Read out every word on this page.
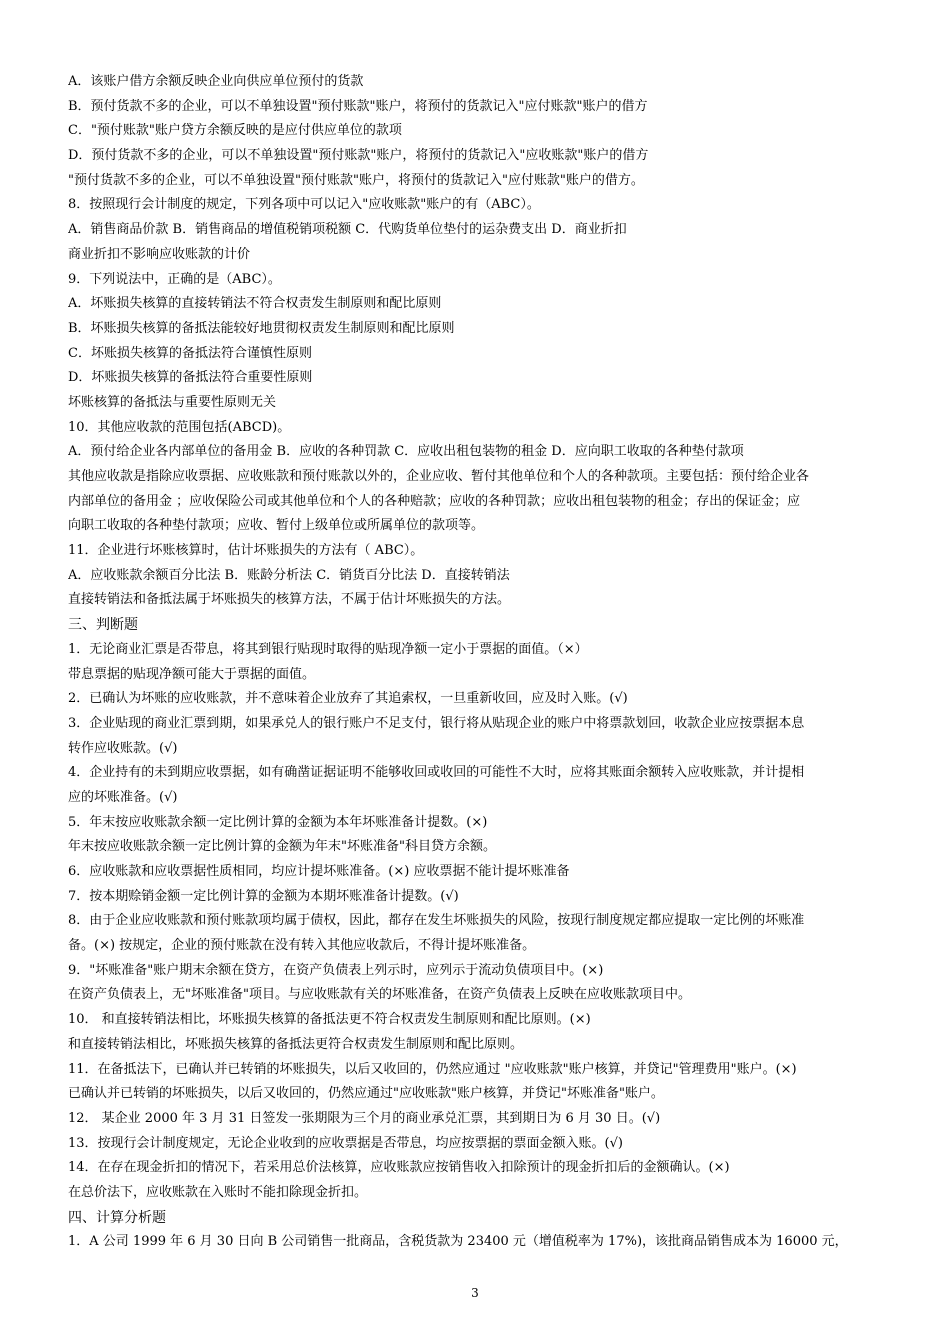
A．该账户借方余额反映企业向供应单位预付的货款
B．预付货款不多的企业，可以不单独设置"预付账款"账户，将预付的货款记入"应付账款"账户的借方
C．"预付账款"账户贷方余额反映的是应付供应单位的款项
D．预付货款不多的企业，可以不单独设置"预付账款"账户，将预付的货款记入"应收账款"账户的借方
"预付货款不多的企业，可以不单独设置"预付账款"账户，将预付的货款记入"应付账款"账户的借方。
8．按照现行会计制度的规定，下列各项中可以记入"应收账款"账户的有（ABC）。
A．销售商品价款 B．销售商品的增值税销项税额 C．代购货单位垫付的运杂费支出 D．商业折扣
商业折扣不影响应收账款的计价
9．下列说法中，正确的是（ABC）。
A．坏账损失核算的直接转销法不符合权责发生制原则和配比原则
B．坏账损失核算的备抵法能较好地贯彻权责发生制原则和配比原则
C．坏账损失核算的备抵法符合谨慎性原则
D．坏账损失核算的备抵法符合重要性原则
坏账核算的备抵法与重要性原则无关
10．其他应收款的范围包括(ABCD)。
A．预付给企业各内部单位的备用金 B．应收的各种罚款 C．应收出租包装物的租金 D．应向职工收取的各种垫付款项
其他应收款是指除应收票据、应收账款和预付账款以外的，企业应收、暂付其他单位和个人的各种款项。主要包括：预付给企业各
内部单位的备用金 ；应收保险公司或其他单位和个人的各种赔款；应收的各种罚款；应收出租包装物的租金；存出的保证金；应
向职工收取的各种垫付款项；应收、暂付上级单位或所属单位的款项等。
11．企业进行坏账核算时，估计坏账损失的方法有（ ABC）。
A．应收账款余额百分比法 B．账龄分析法 C．销货百分比法 D．直接转销法
直接转销法和备抵法属于坏账损失的核算方法，不属于估计坏账损失的方法。
三、判断题
1．无论商业汇票是否带息，将其到银行贴现时取得的贴现净额一定小于票据的面值。（×）
带息票据的贴现净额可能大于票据的面值。
2．已确认为坏账的应收账款，并不意味着企业放弃了其追索权，一旦重新收回，应及时入账。(√)
3．企业贴现的商业汇票到期，如果承兑人的银行账户不足支付，银行将从贴现企业的账户中将票款划回，收款企业应按票据本息
转作应收账款。(√)
4．企业持有的未到期应收票据，如有确凿证据证明不能够收回或收回的可能性不大时，应将其账面余额转入应收账款，并计提相
应的坏账准备。(√)
5．年末按应收账款余额一定比例计算的金额为本年坏账准备计提数。(×)
年末按应收账款余额一定比例计算的金额为年末"坏账准备"科目贷方余额。
6．应收账款和应收票据性质相同，均应计提坏账准备。(×) 应收票据不能计提坏账准备
7．按本期赊销金额一定比例计算的金额为本期坏账准备计提数。(√)
8．由于企业应收账款和预付账款项均属于债权，因此，都存在发生坏账损失的风险，按现行制度规定都应提取一定比例的坏账准
备。(×) 按规定，企业的预付账款在没有转入其他应收款后，不得计提坏账准备。
9．"坏账准备"账户期末余额在贷方，在资产负债表上列示时，应列示于流动负债项目中。(×)
在资产负债表上，无"坏账准备"项目。与应收账款有关的坏账准备，在资产负债表上反映在应收账款项目中。
10． 和直接转销法相比，坏账损失核算的备抵法更不符合权责发生制原则和配比原则。(×)
和直接转销法相比，坏账损失核算的备抵法更符合权责发生制原则和配比原则。
11．在备抵法下，已确认并已转销的坏账损失，以后又收回的，仍然应通过 "应收账款"账户核算，并贷记"管理费用"账户。(×)
已确认并已转销的坏账损失，以后又收回的，仍然应通过"应收账款"账户核算，并贷记"坏账准备"账户。
12． 某企业 2000 年 3 月 31 日签发一张期限为三个月的商业承兑汇票，其到期日为 6 月 30 日。(√)
13．按现行会计制度规定，无论企业收到的应收票据是否带息，均应按票据的票面金额入账。(√)
14．在存在现金折扣的情况下，若采用总价法核算，应收账款应按销售收入扣除预计的现金折扣后的金额确认。(×)
在总价法下，应收账款在入账时不能扣除现金折扣。
四、计算分析题
1．A 公司 1999 年 6 月 30 日向 B 公司销售一批商品，含税货款为 23400 元（增值税率为 17%)，该批商品销售成本为 16000 元，
3
